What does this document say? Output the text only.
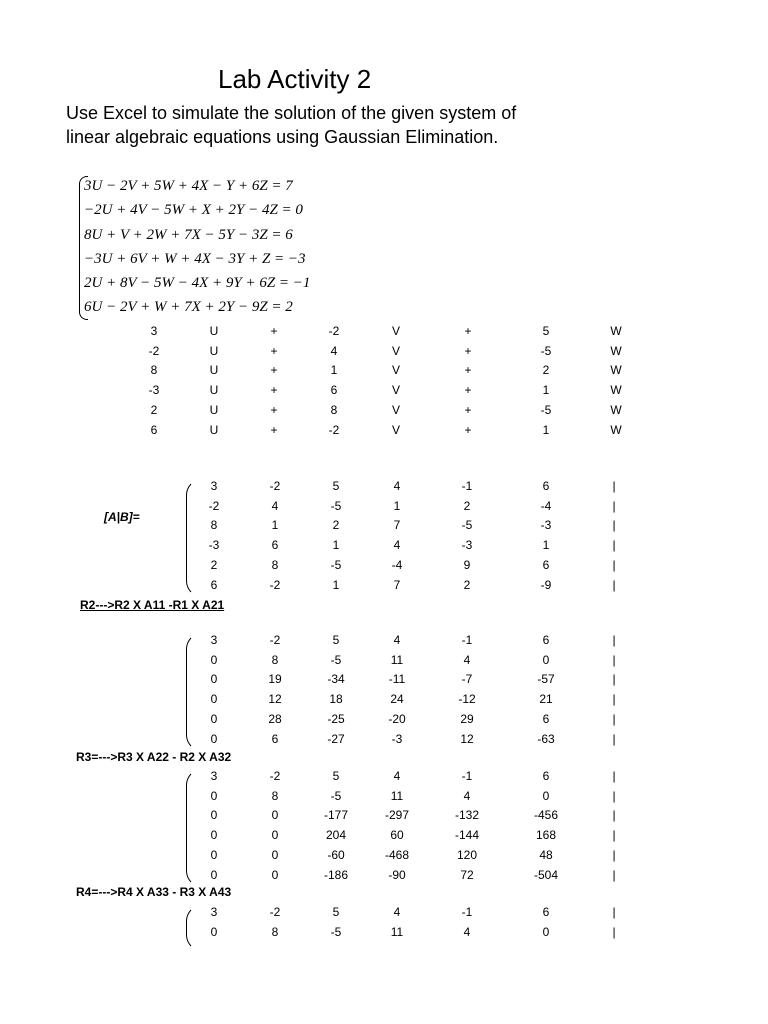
Lab Activity 2

Use Excel to simulate the solution of the given system of linear algebraic equations using Gaussian Elimination.

3U − 2V + 5W + 4X − Y + 6Z = 7
−2U + 4V − 5W + X + 2Y − 4Z = 0
8U + V + 2W + 7X − 5Y − 3Z = 6
−3U + 6V + W + 4X − 3Y + Z = −3
2U + 8V − 5W − 4X + 9Y + 6Z = −1
6U − 2V + W + 7X + 2Y − 9Z = 2
3	U	+	-2	V	+	5	W
-2	U	+	4	V	+	-5	W
8	U	+	1	V	+	2	W
-3	U	+	6	V	+	1	W
2	U	+	8	V	+	-5	W
6	U	+	-2	V	+	1	W
[A|B]=
3	-2	5	4	-1	6	|
-2	4	-5	1	2	-4	|
8	1	2	7	-5	-3	|
-3	6	1	4	-3	1	|
2	8	-5	-4	9	6	|
6	-2	1	7	2	-9	|
R2--->R2 X A11 -R1 X A21
3	-2	5	4	-1	6	|
0	8	-5	11	4	0	|
0	19	-34	-11	-7	-57	|
0	12	18	24	-12	21	|
0	28	-25	-20	29	6	|
0	6	-27	-3	12	-63	|
R3=--->R3 X A22 - R2 X A32
3	-2	5	4	-1	6	|
0	8	-5	11	4	0	|
0	0	-177	-297	-132	-456	|
0	0	204	60	-144	168	|
0	0	-60	-468	120	48	|
0	0	-186	-90	72	-504	|
R4=--->R4 X A33 - R3 X A43
3	-2	5	4	-1	6	|
0	8	-5	11	4	0	|
